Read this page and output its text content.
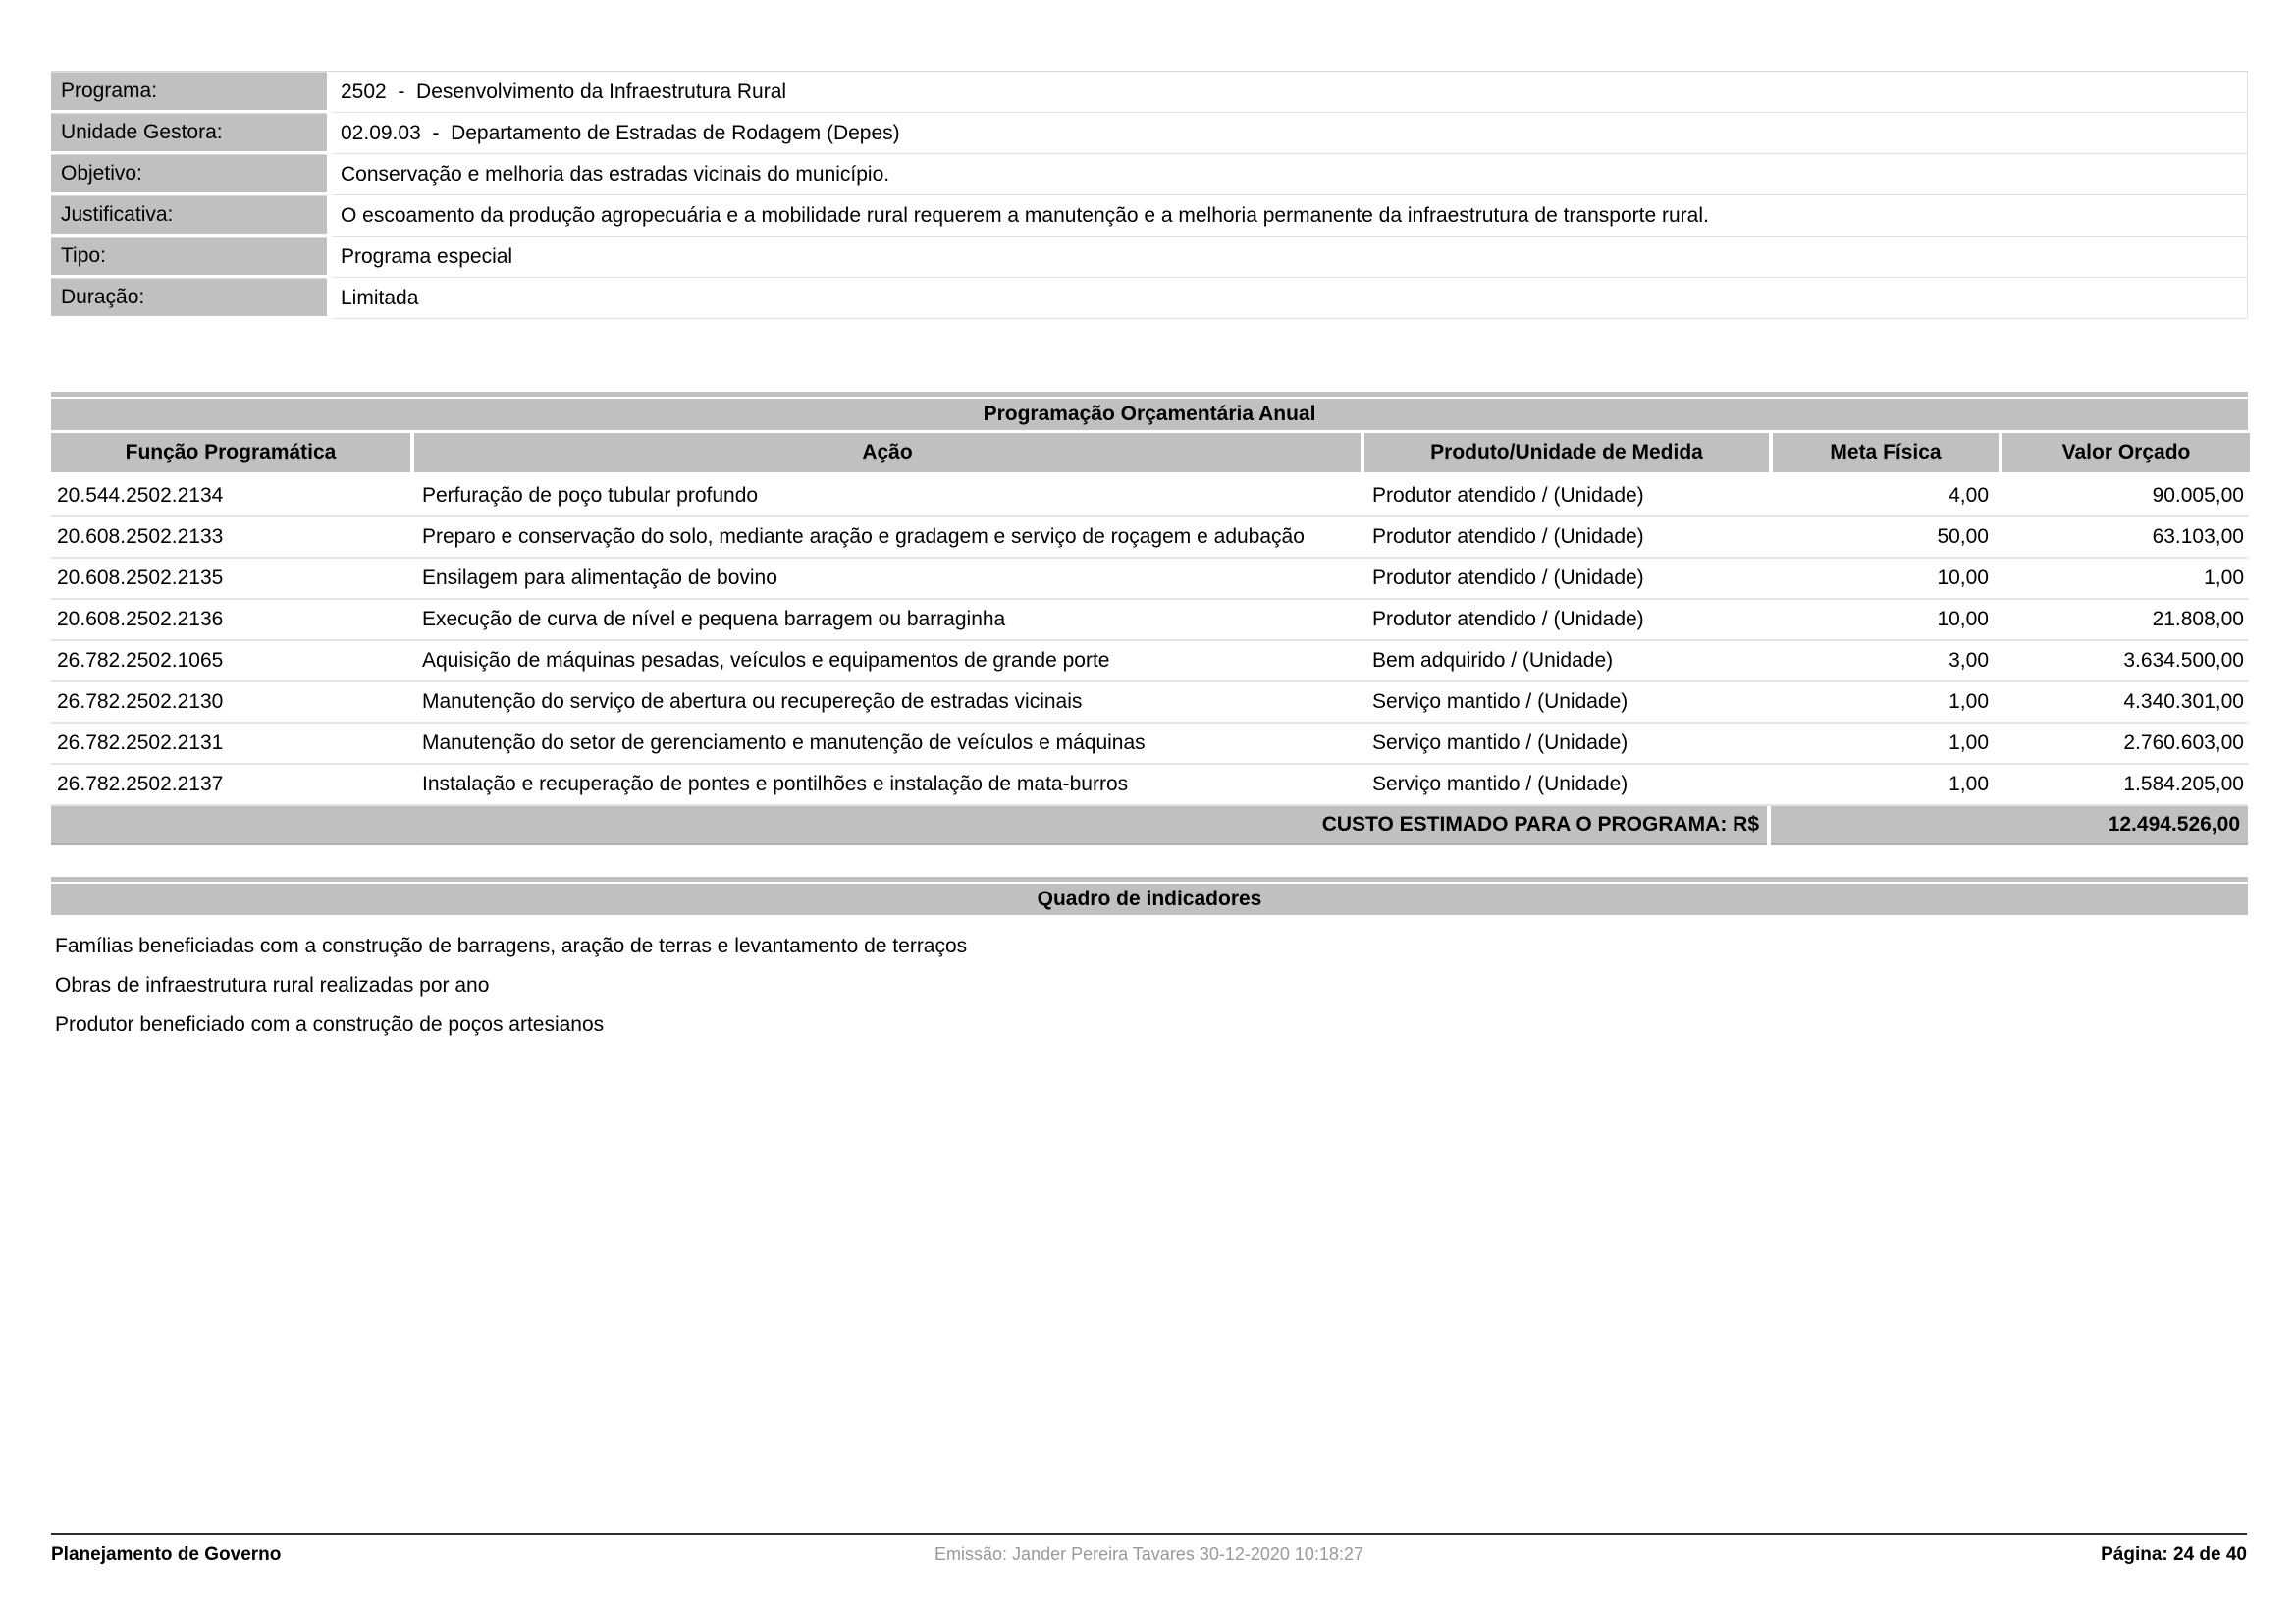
Programa:	2502  -  Desenvolvimento da Infraestrutura Rural
Unidade Gestora:	02.09.03  -  Departamento de Estradas de Rodagem (Depes)
Objetivo:	Conservação e melhoria das estradas vicinais do município.
Justificativa:	O escoamento da produção agropecuária e a mobilidade rural requerem a manutenção e a melhoria permanente da infraestrutura de transporte rural.
Tipo:	Programa especial
Duração:	Limitada
Programação Orçamentária Anual
Função Programática	Ação	Produto/Unidade de Medida	Meta Física	Valor Orçado
20.544.2502.2134	Perfuração de poço tubular profundo	Produtor atendido / (Unidade)	4,00	90.005,00
20.608.2502.2133	Preparo e conservação do solo, mediante aração e gradagem e serviço de roçagem e adubação	Produtor atendido / (Unidade)	50,00	63.103,00
20.608.2502.2135	Ensilagem para alimentação de bovino	Produtor atendido / (Unidade)	10,00	1,00
20.608.2502.2136	Execução de curva de nível e pequena barragem ou barraginha	Produtor atendido / (Unidade)	10,00	21.808,00
26.782.2502.1065	Aquisição de máquinas pesadas, veículos e equipamentos de grande porte	Bem adquirido / (Unidade)	3,00	3.634.500,00
26.782.2502.2130	Manutenção do serviço de abertura ou recupereção de estradas vicinais	Serviço mantido / (Unidade)	1,00	4.340.301,00
26.782.2502.2131	Manutenção do setor de gerenciamento e manutenção de veículos e máquinas	Serviço mantido / (Unidade)	1,00	2.760.603,00
26.782.2502.2137	Instalação e recuperação de pontes e pontilhões e instalação de mata-burros	Serviço mantido / (Unidade)	1,00	1.584.205,00
CUSTO ESTIMADO PARA O PROGRAMA: R$	12.494.526,00
Quadro de indicadores
Famílias beneficiadas com a construção de barragens, aração de terras e levantamento de terraços
Obras de infraestrutura rural realizadas por ano
Produtor beneficiado com a construção de poços artesianos
Planejamento de Governo	Emissão: Jander Pereira Tavares 30-12-2020 10:18:27	Página: 24 de 40
